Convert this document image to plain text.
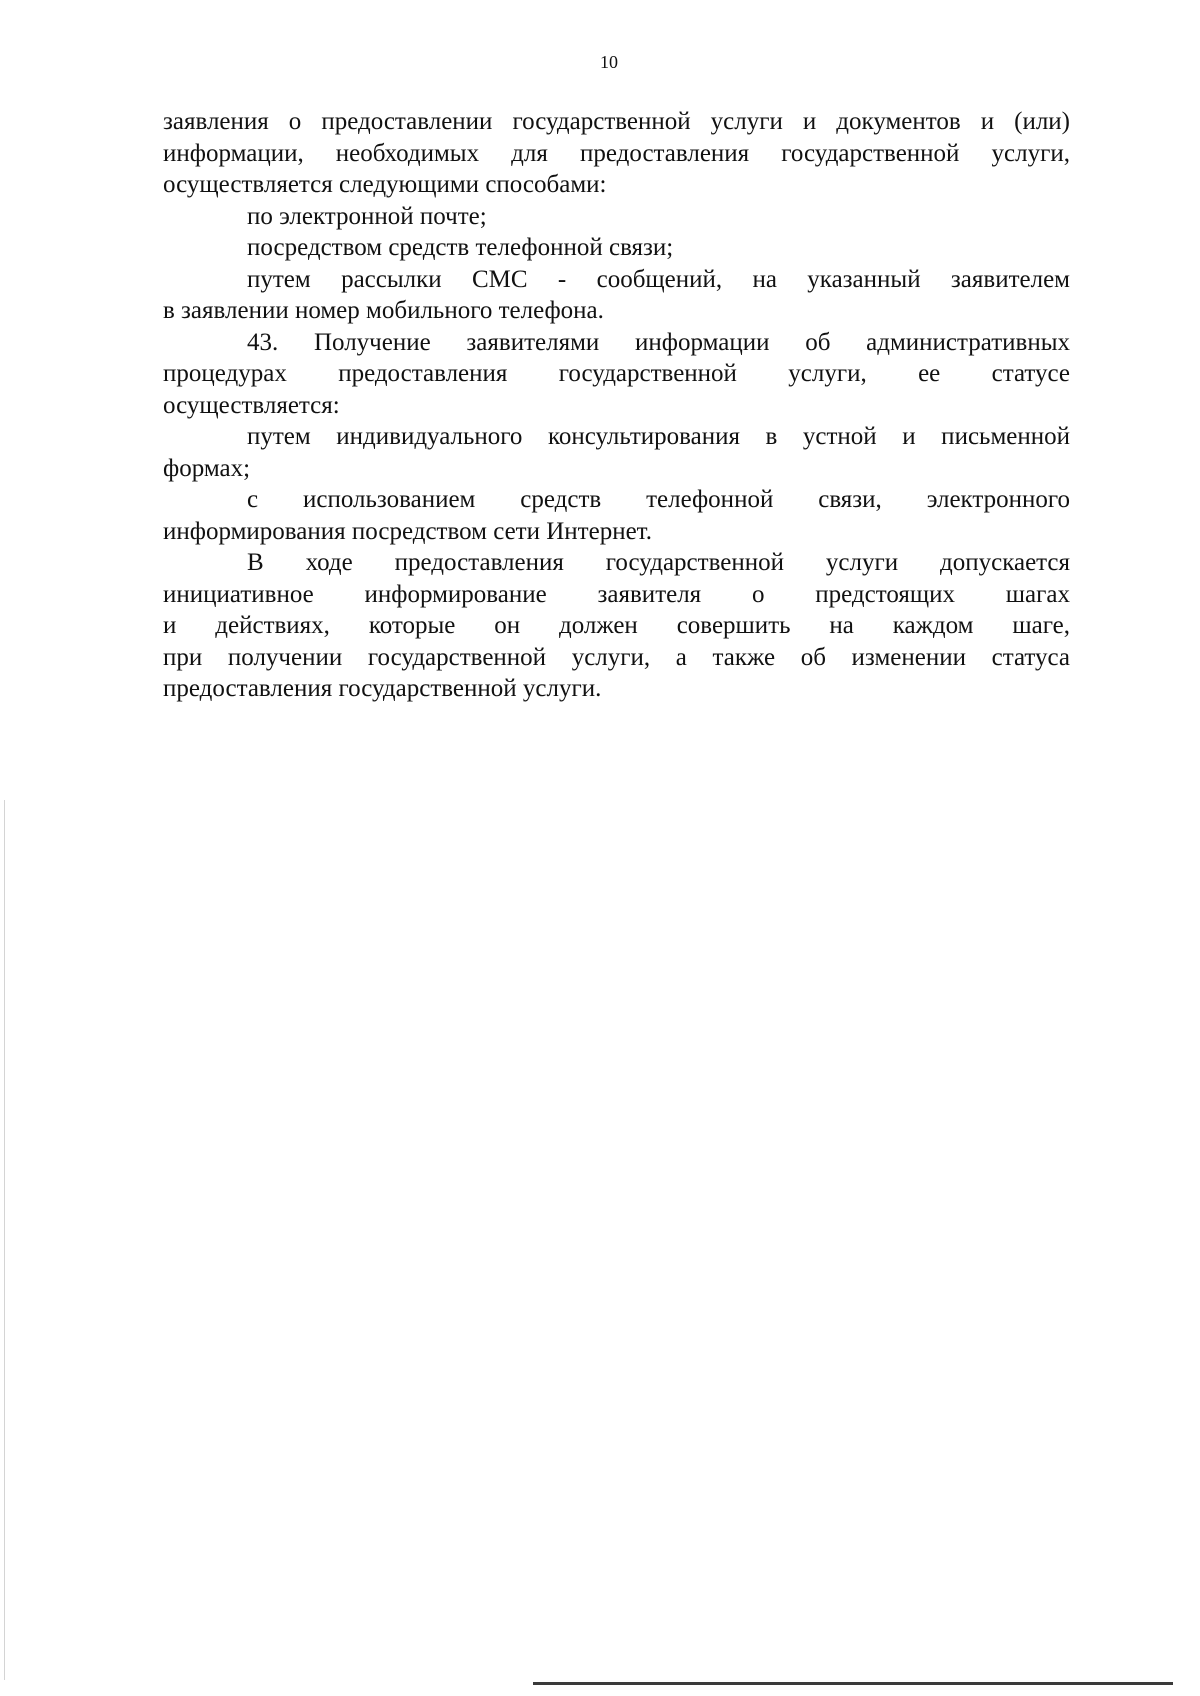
10
заявления о предоставлении государственной услуги и документов и (или)
информации, необходимых для предоставления государственной услуги,
осуществляется следующими способами:
по электронной почте;
посредством средств телефонной связи;
путем рассылки СМС - сообщений, на указанный заявителем
в заявлении номер мобильного телефона.
43. Получение заявителями информации об административных
процедурах предоставления государственной услуги, ее статусе
осуществляется:
путем индивидуального консультирования в устной и письменной
формах;
с использованием средств телефонной связи, электронного
информирования посредством сети Интернет.
В ходе предоставления государственной услуги допускается
инициативное информирование заявителя о предстоящих шагах
и действиях, которые он должен совершить на каждом шаге,
при получении государственной услуги, а также об изменении статуса
предоставления государственной услуги.
